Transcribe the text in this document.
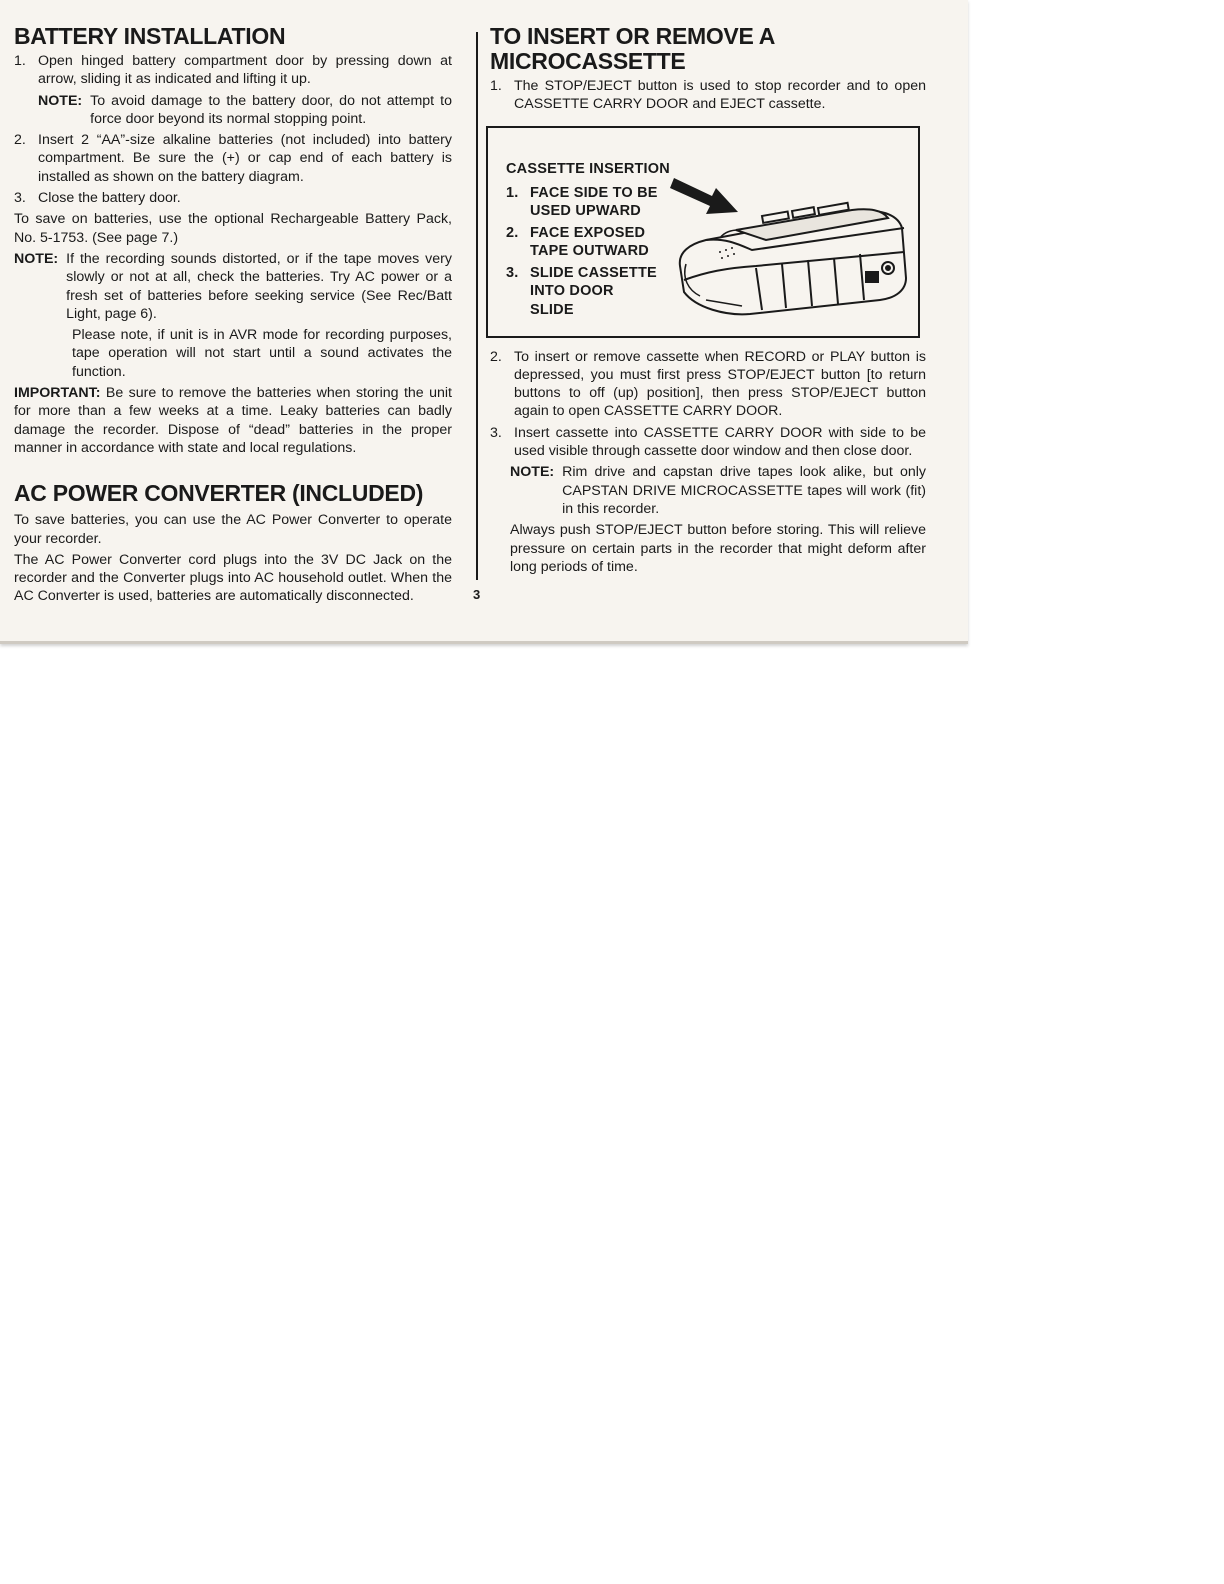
BATTERY INSTALLATION
1. Open hinged battery compartment door by pressing down at arrow, sliding it as indicated and lifting it up.
NOTE: To avoid damage to the battery door, do not attempt to force door beyond its normal stopping point.
2. Insert 2 “AA”-size alkaline batteries (not included) into battery compartment. Be sure the (+) or cap end of each battery is installed as shown on the battery diagram.
3. Close the battery door.

To save on batteries, use the optional Rechargeable Battery Pack, No. 5-1753. (See page 7.)

NOTE: If the recording sounds distorted, or if the tape moves very slowly or not at all, check the batteries. Try AC power or a fresh set of batteries before seeking service (See Rec/Batt Light, page 6).

Please note, if unit is in AVR mode for recording purposes, tape operation will not start until a sound activates the function.

IMPORTANT: Be sure to remove the batteries when storing the unit for more than a few weeks at a time. Leaky batteries can badly damage the recorder. Dispose of “dead” batteries in the proper manner in accordance with state and local regulations.

AC POWER CONVERTER (INCLUDED)

To save batteries, you can use the AC Power Converter to operate your recorder.

The AC Power Converter cord plugs into the 3V DC Jack on the recorder and the Converter plugs into AC household outlet. When the AC Converter is used, batteries are automatically disconnected.	3
TO INSERT OR REMOVE A
MICROCASSETTE
1. The STOP/EJECT button is used to stop recorder and to open CASSETTE CARRY DOOR and EJECT cassette.
CASSETTE INSERTION
1. FACE SIDE TO BE
USED UPWARD
2. FACE EXPOSED
TAPE OUTWARD
3. SLIDE CASSETTE
INTO DOOR
SLIDE
2. To insert or remove cassette when RECORD or PLAY button is depressed, you must first press STOP/EJECT button [to return buttons to off (up) position], then press STOP/EJECT button again to open CASSETTE CARRY DOOR.
3. Insert cassette into CASSETTE CARRY DOOR with side to be used visible through cassette door window and then close door.
NOTE: Rim drive and capstan drive tapes look alike, but only CAPSTAN DRIVE MICROCASSETTE tapes will work (fit) in this recorder.

Always push STOP/EJECT button before storing. This will relieve pressure on certain parts in the recorder that might deform after long periods of time.
